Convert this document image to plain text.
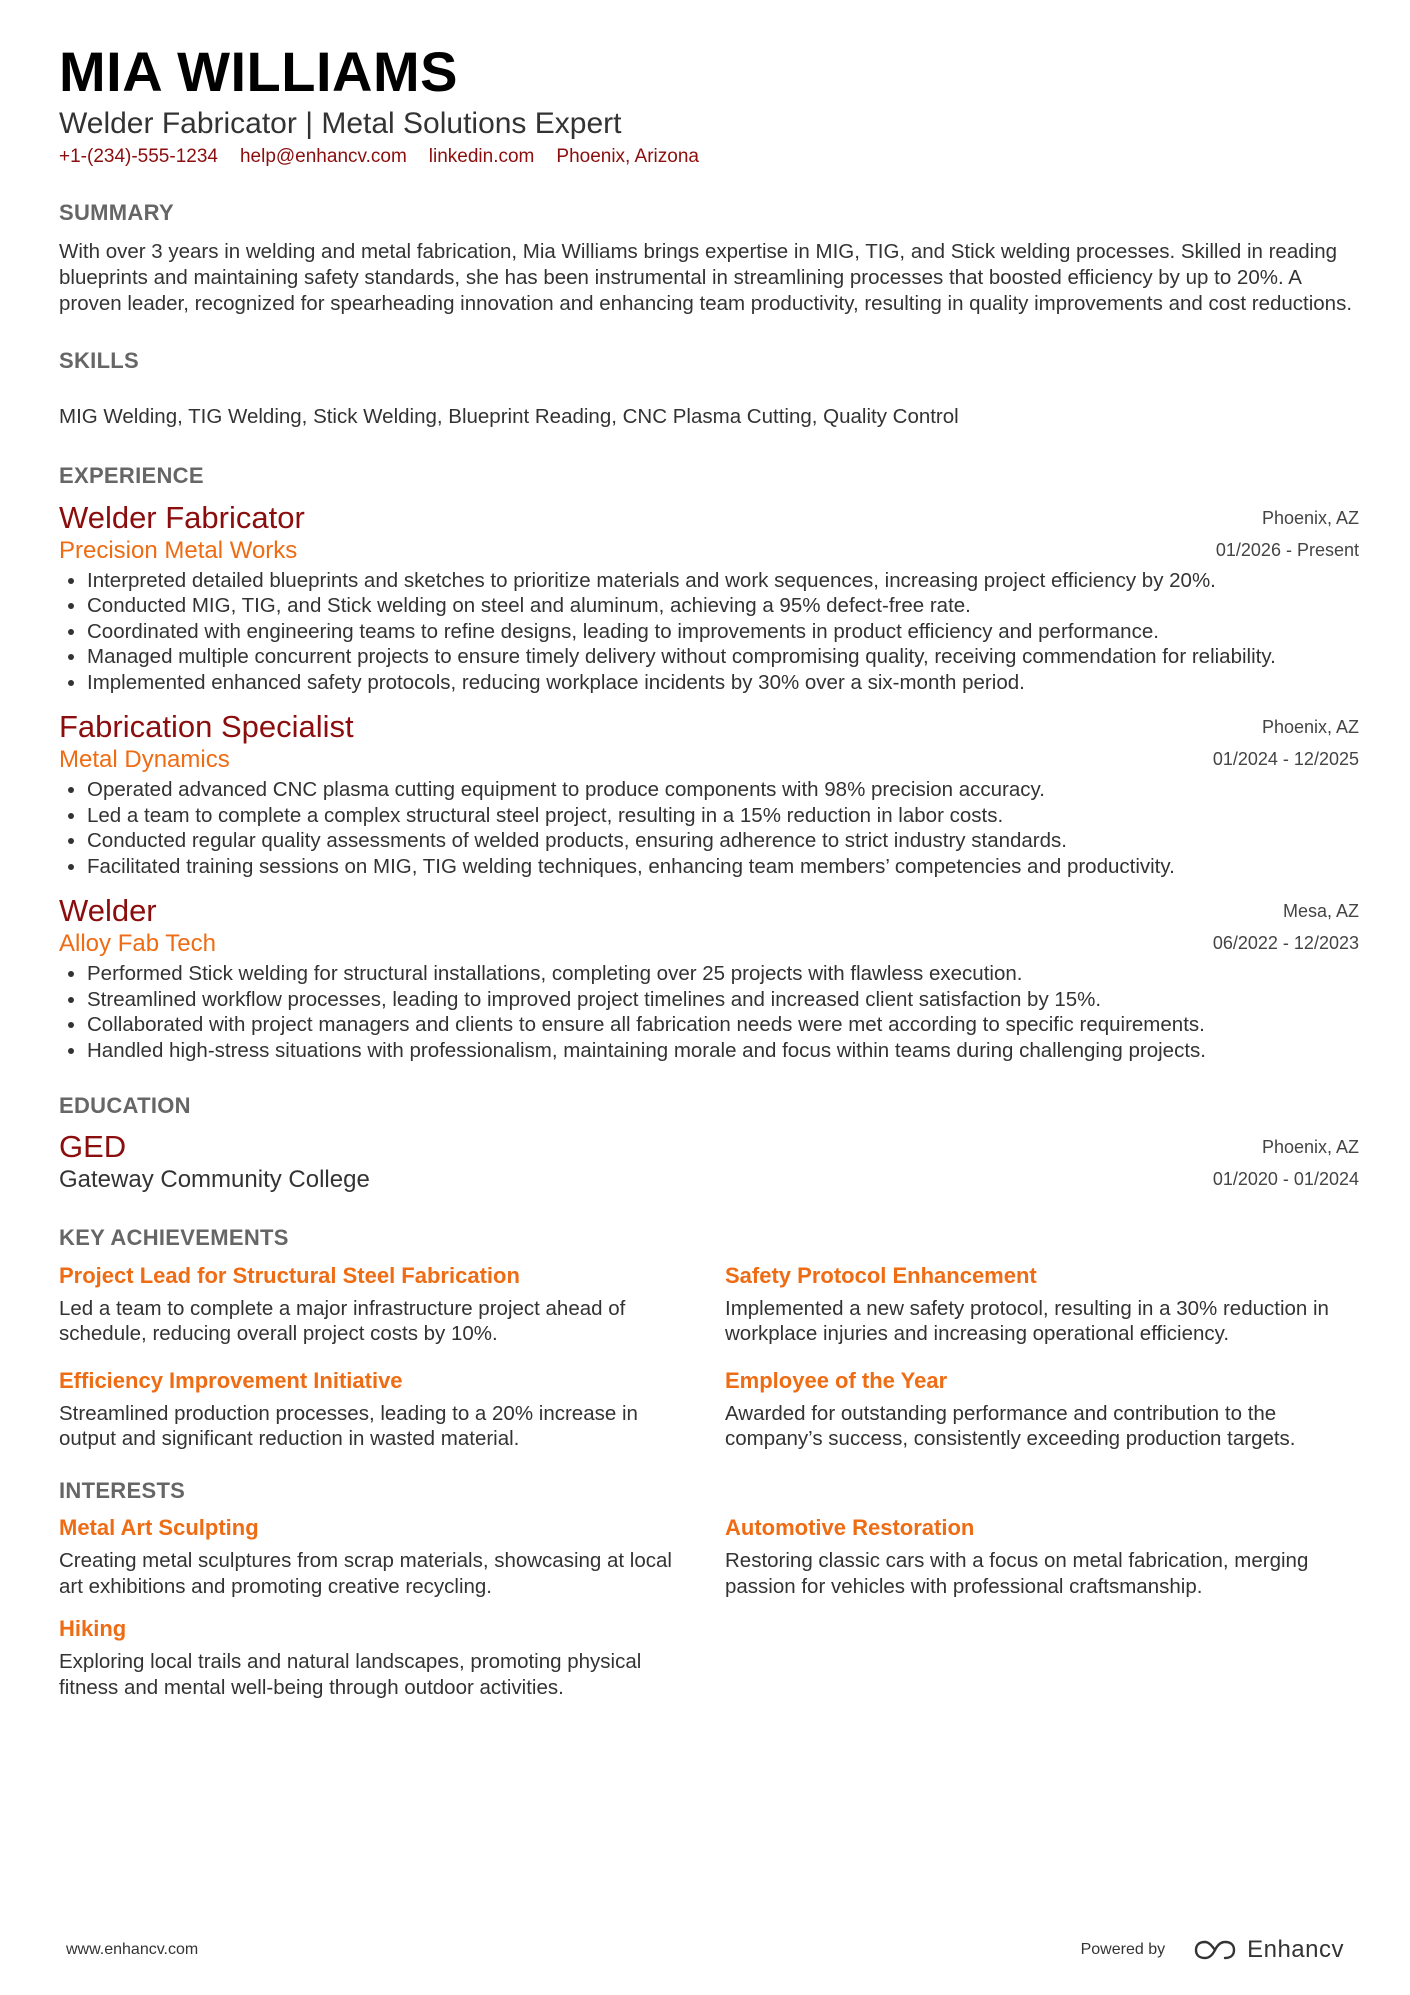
MIA WILLIAMS
Welder Fabricator | Metal Solutions Expert
+1-(234)-555-1234 help@enhancv.com linkedin.com Phoenix, Arizona
SUMMARY
With over 3 years in welding and metal fabrication, Mia Williams brings expertise in MIG, TIG, and Stick welding processes. Skilled in reading blueprints and maintaining safety standards, she has been instrumental in streamlining processes that boosted efficiency by up to 20%. A proven leader, recognized for spearheading innovation and enhancing team productivity, resulting in quality improvements and cost reductions.
SKILLS
MIG Welding, TIG Welding, Stick Welding, Blueprint Reading, CNC Plasma Cutting, Quality Control
EXPERIENCE
Welder Fabricator
Precision Metal Works
Phoenix, AZ
01/2026 - Present
• Interpreted detailed blueprints and sketches to prioritize materials and work sequences, increasing project efficiency by 20%.
• Conducted MIG, TIG, and Stick welding on steel and aluminum, achieving a 95% defect-free rate.
• Coordinated with engineering teams to refine designs, leading to improvements in product efficiency and performance.
• Managed multiple concurrent projects to ensure timely delivery without compromising quality, receiving commendation for reliability.
• Implemented enhanced safety protocols, reducing workplace incidents by 30% over a six-month period.
Fabrication Specialist
Metal Dynamics
Phoenix, AZ
01/2024 - 12/2025
• Operated advanced CNC plasma cutting equipment to produce components with 98% precision accuracy.
• Led a team to complete a complex structural steel project, resulting in a 15% reduction in labor costs.
• Conducted regular quality assessments of welded products, ensuring adherence to strict industry standards.
• Facilitated training sessions on MIG, TIG welding techniques, enhancing team members’ competencies and productivity.
Welder
Alloy Fab Tech
Mesa, AZ
06/2022 - 12/2023
• Performed Stick welding for structural installations, completing over 25 projects with flawless execution.
• Streamlined workflow processes, leading to improved project timelines and increased client satisfaction by 15%.
• Collaborated with project managers and clients to ensure all fabrication needs were met according to specific requirements.
• Handled high-stress situations with professionalism, maintaining morale and focus within teams during challenging projects.
EDUCATION
GED
Gateway Community College
Phoenix, AZ
01/2020 - 01/2024
KEY ACHIEVEMENTS
Project Lead for Structural Steel Fabrication
Led a team to complete a major infrastructure project ahead of schedule, reducing overall project costs by 10%.
Safety Protocol Enhancement
Implemented a new safety protocol, resulting in a 30% reduction in workplace injuries and increasing operational efficiency.
Efficiency Improvement Initiative
Streamlined production processes, leading to a 20% increase in output and significant reduction in wasted material.
Employee of the Year
Awarded for outstanding performance and contribution to the company’s success, consistently exceeding production targets.
INTERESTS
Metal Art Sculpting
Creating metal sculptures from scrap materials, showcasing at local art exhibitions and promoting creative recycling.
Automotive Restoration
Restoring classic cars with a focus on metal fabrication, merging passion for vehicles with professional craftsmanship.
Hiking
Exploring local trails and natural landscapes, promoting physical fitness and mental well-being through outdoor activities.
www.enhancv.com	Powered by	Enhancv
